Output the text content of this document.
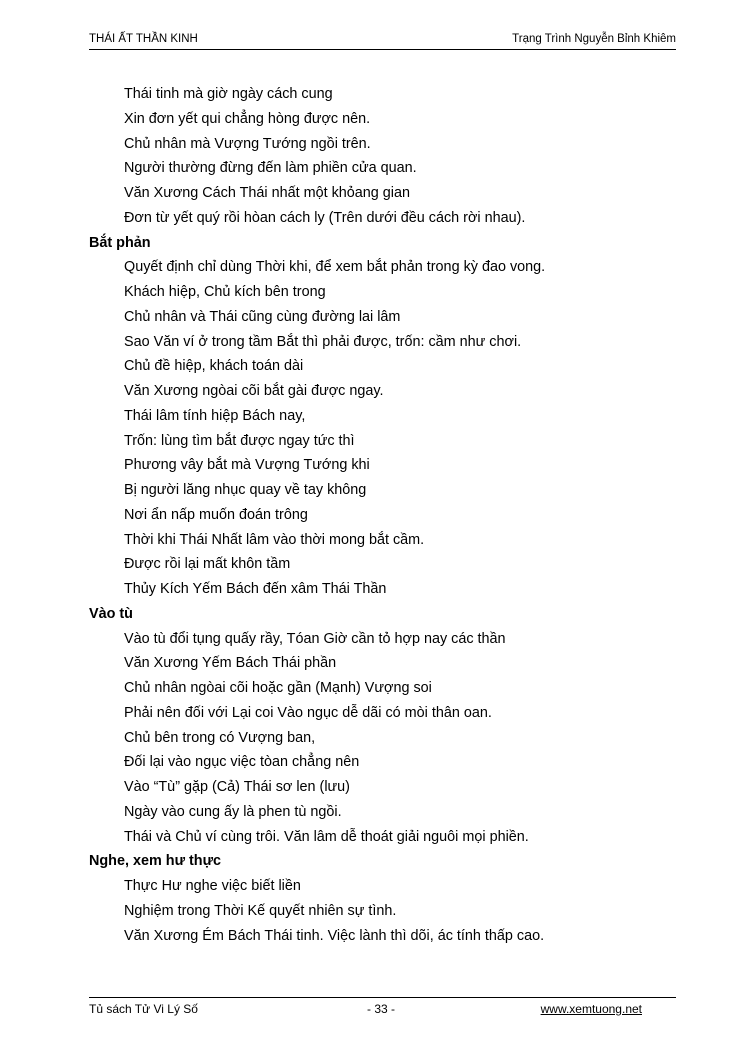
THÁI ẤT THẦN KINH	Trạng Trình Nguyễn Bỉnh Khiêm
Thái tinh mà giờ ngày cách cung
Xin đơn yết qui chẳng hòng được nên.
Chủ nhân mà Vượng Tướng ngồi trên.
Người thường đừng đến làm phiền cửa quan.
Văn Xương Cách Thái nhất một khỏang gian
Đơn từ yết quý rồi hòan cách ly (Trên dưới đều cách rời nhau).
Bắt phản
Quyết định chỉ dùng Thời khi, để xem bắt phản trong kỳ đao vong.
Khách hiệp, Chủ kích bên trong
Chủ nhân và Thái cũng cùng đường lai lâm
Sao Văn ví ở trong tầm Bắt thì phải được, trốn: cầm như chơi.
Chủ đề hiệp, khách toán dài
Văn Xương ngòai cõi bắt gài được ngay.
Thái lâm tính hiệp Bách nay,
Trốn: lùng tìm bắt được ngay tức thì
Phương vây bắt mà Vượng Tướng khi
Bị người lăng nhục quay về tay không
Nơi ẩn nấp muốn đoán trông
Thời khi Thái Nhất lâm vào thời mong bắt cầm.
Được rồi lại mất khôn tầm
Thủy Kích Yếm Bách đến xâm Thái Thần
Vào tù
Vào tù đổi tụng quấy rầy, Tóan Giờ cần tỏ hợp nay các thần
Văn Xương Yếm Bách Thái phần
Chủ nhân ngòai cõi hoặc gần (Mạnh) Vượng soi
Phải nên đối với Lại coi Vào ngục dễ dãi có mòi thân oan.
Chủ bên trong có Vượng ban,
Đối lại vào ngục việc tòan chẳng nên
Vào “Tù” gặp (Cả) Thái sơ len (lưu)
Ngày vào cung ấy là phen tù ngồi.
Thái và Chủ ví cùng trôi. Văn lâm dễ thoát giải nguôi mọi phiền.
Nghe, xem hư thực
Thực Hư nghe việc biết liền
Nghiệm trong Thời Kế quyết nhiên sự tình.
Văn Xương Ém Bách Thái tinh. Việc lành thì dõi, ác tính thấp cao.
Tủ sách Tử Vi Lý Số	- 33 -	www.xemtuong.net
